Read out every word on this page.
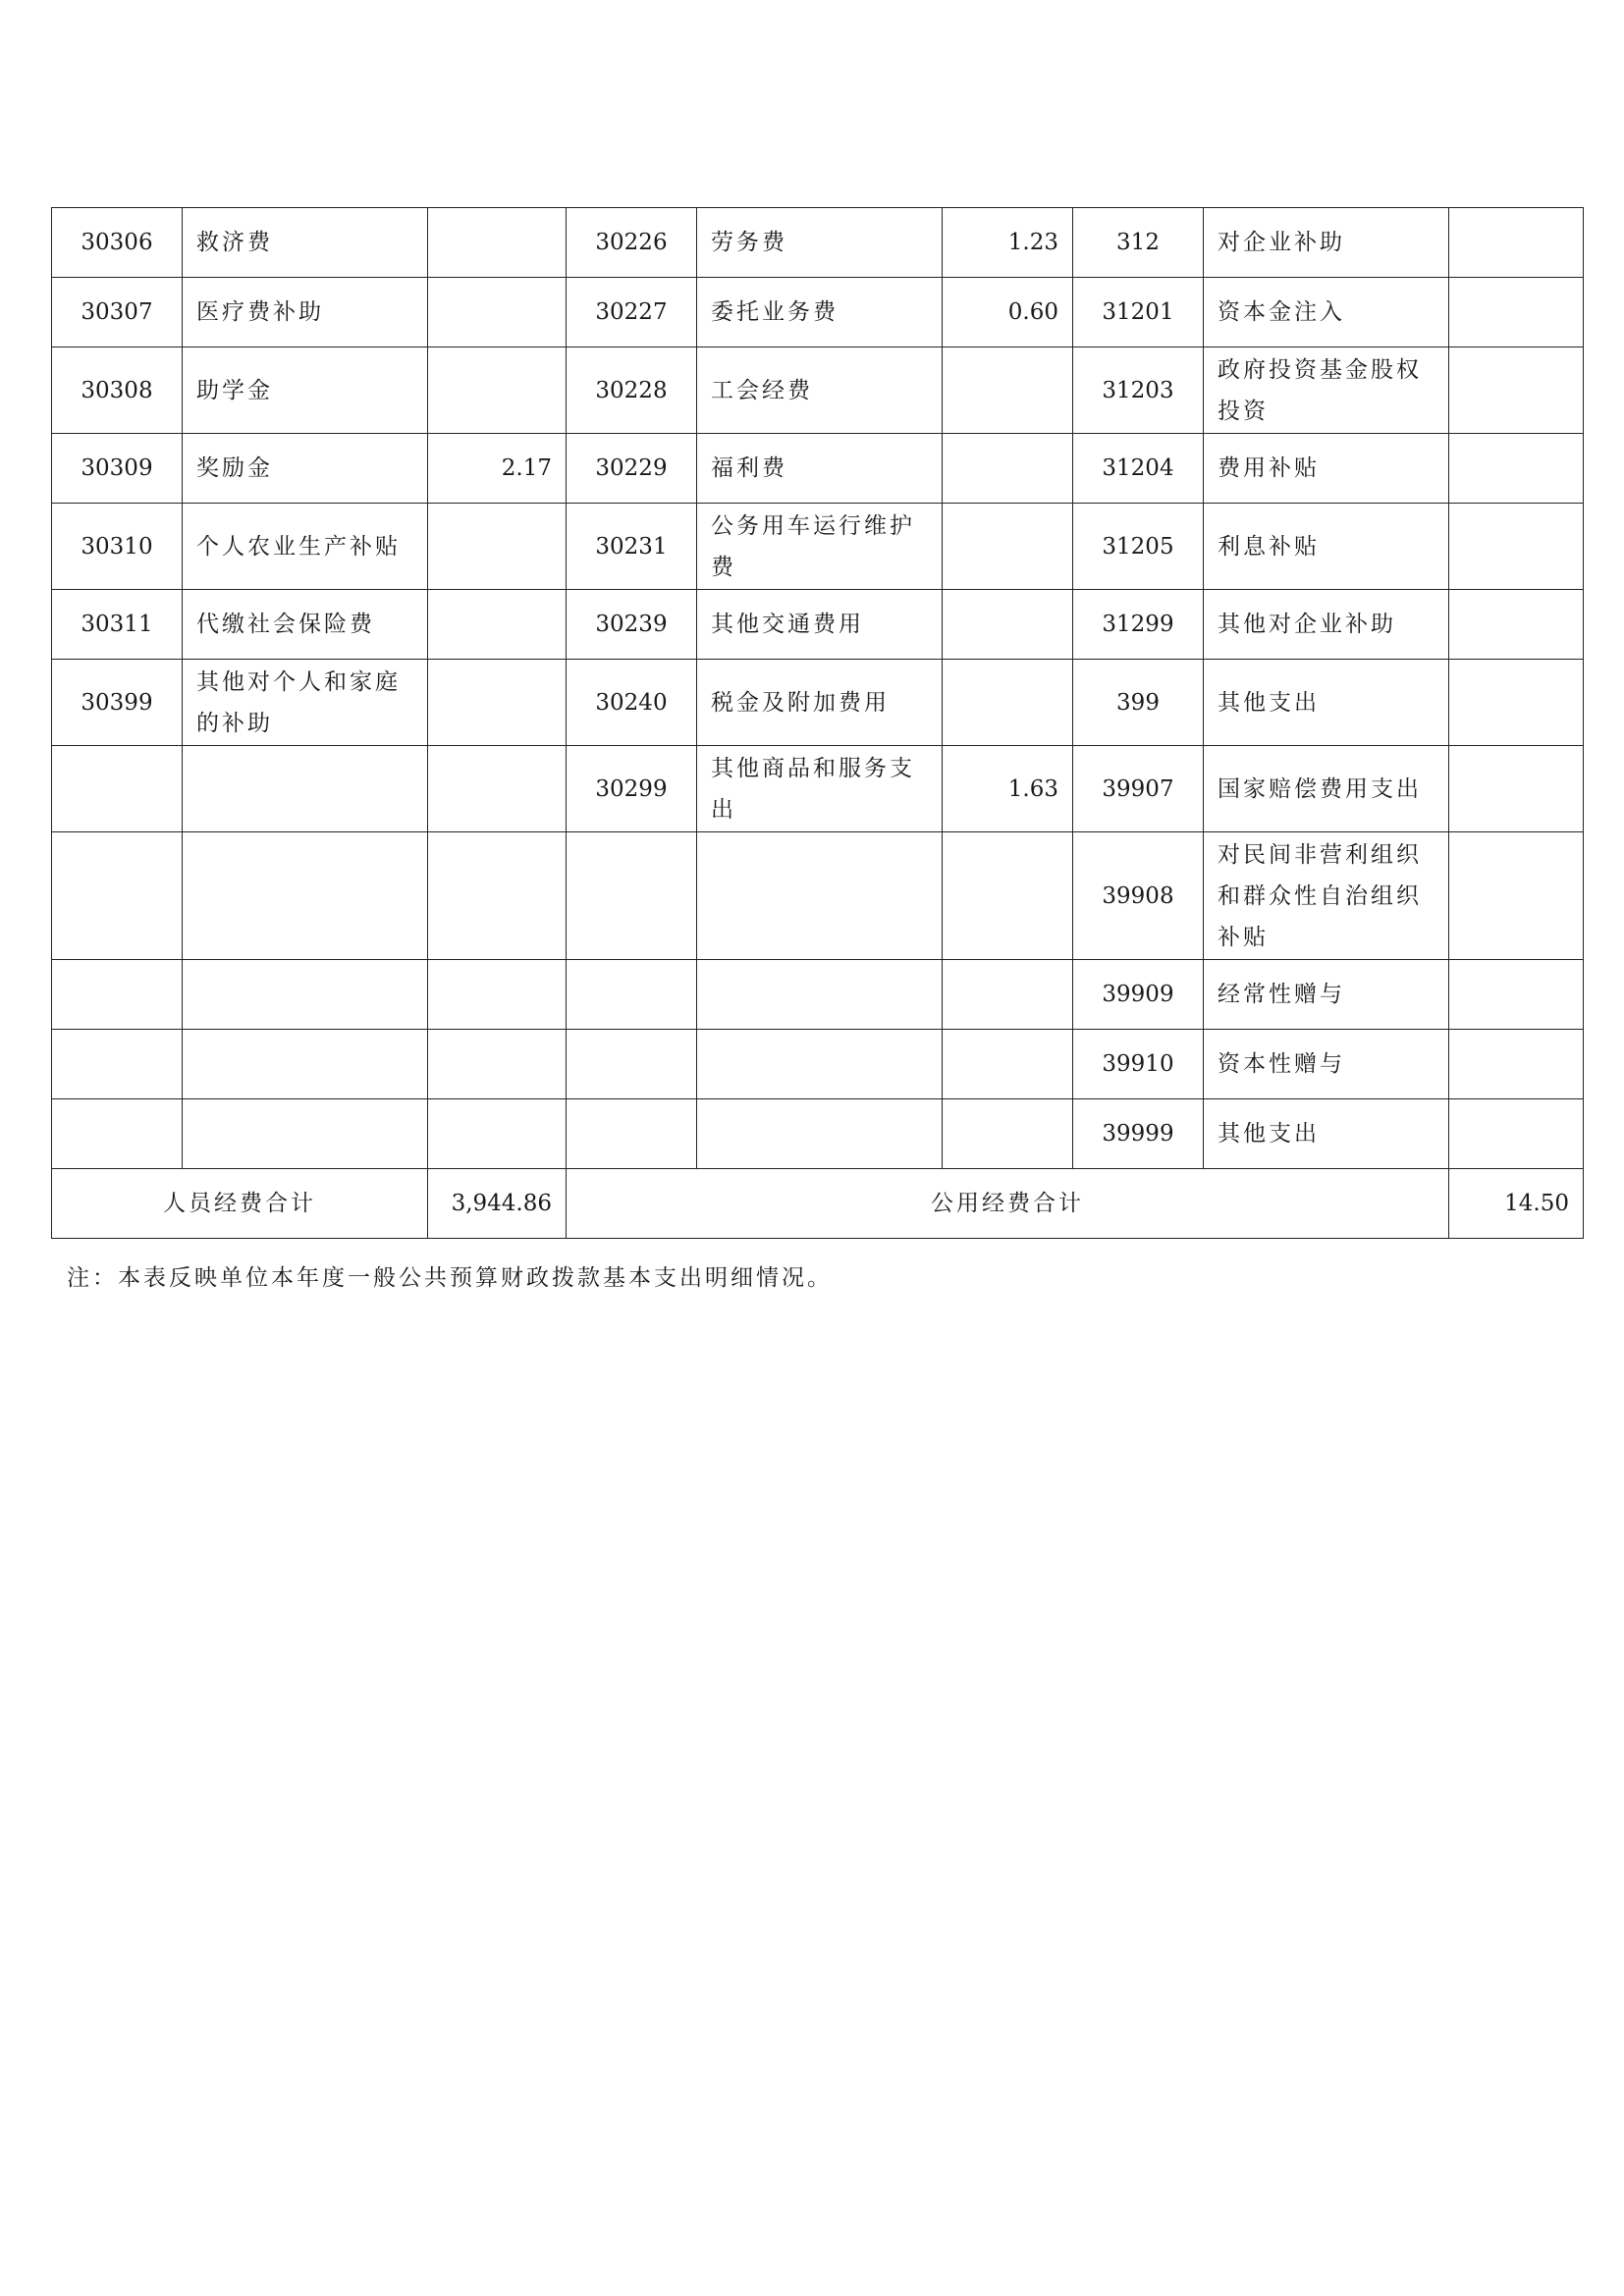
30306	救济费		30226	劳务费	1.23	312	对企业补助	
30307	医疗费补助		30227	委托业务费	0.60	31201	资本金注入	
30308	助学金		30228	工会经费		31203	政府投资基金股权投资	
30309	奖励金	2.17	30229	福利费		31204	费用补贴	
30310	个人农业生产补贴		30231	公务用车运行维护费		31205	利息补贴	
30311	代缴社会保险费		30239	其他交通费用		31299	其他对企业补助	
30399	其他对个人和家庭的补助		30240	税金及附加费用		399	其他支出	
			30299	其他商品和服务支出	1.63	39907	国家赔偿费用支出	
						39908	对民间非营利组织和群众性自治组织补贴	
						39909	经常性赠与	
						39910	资本性赠与	
						39999	其他支出	
人员经费合计		3,944.86	公用经费合计					14.50

注：本表反映单位本年度一般公共预算财政拨款基本支出明细情况。
